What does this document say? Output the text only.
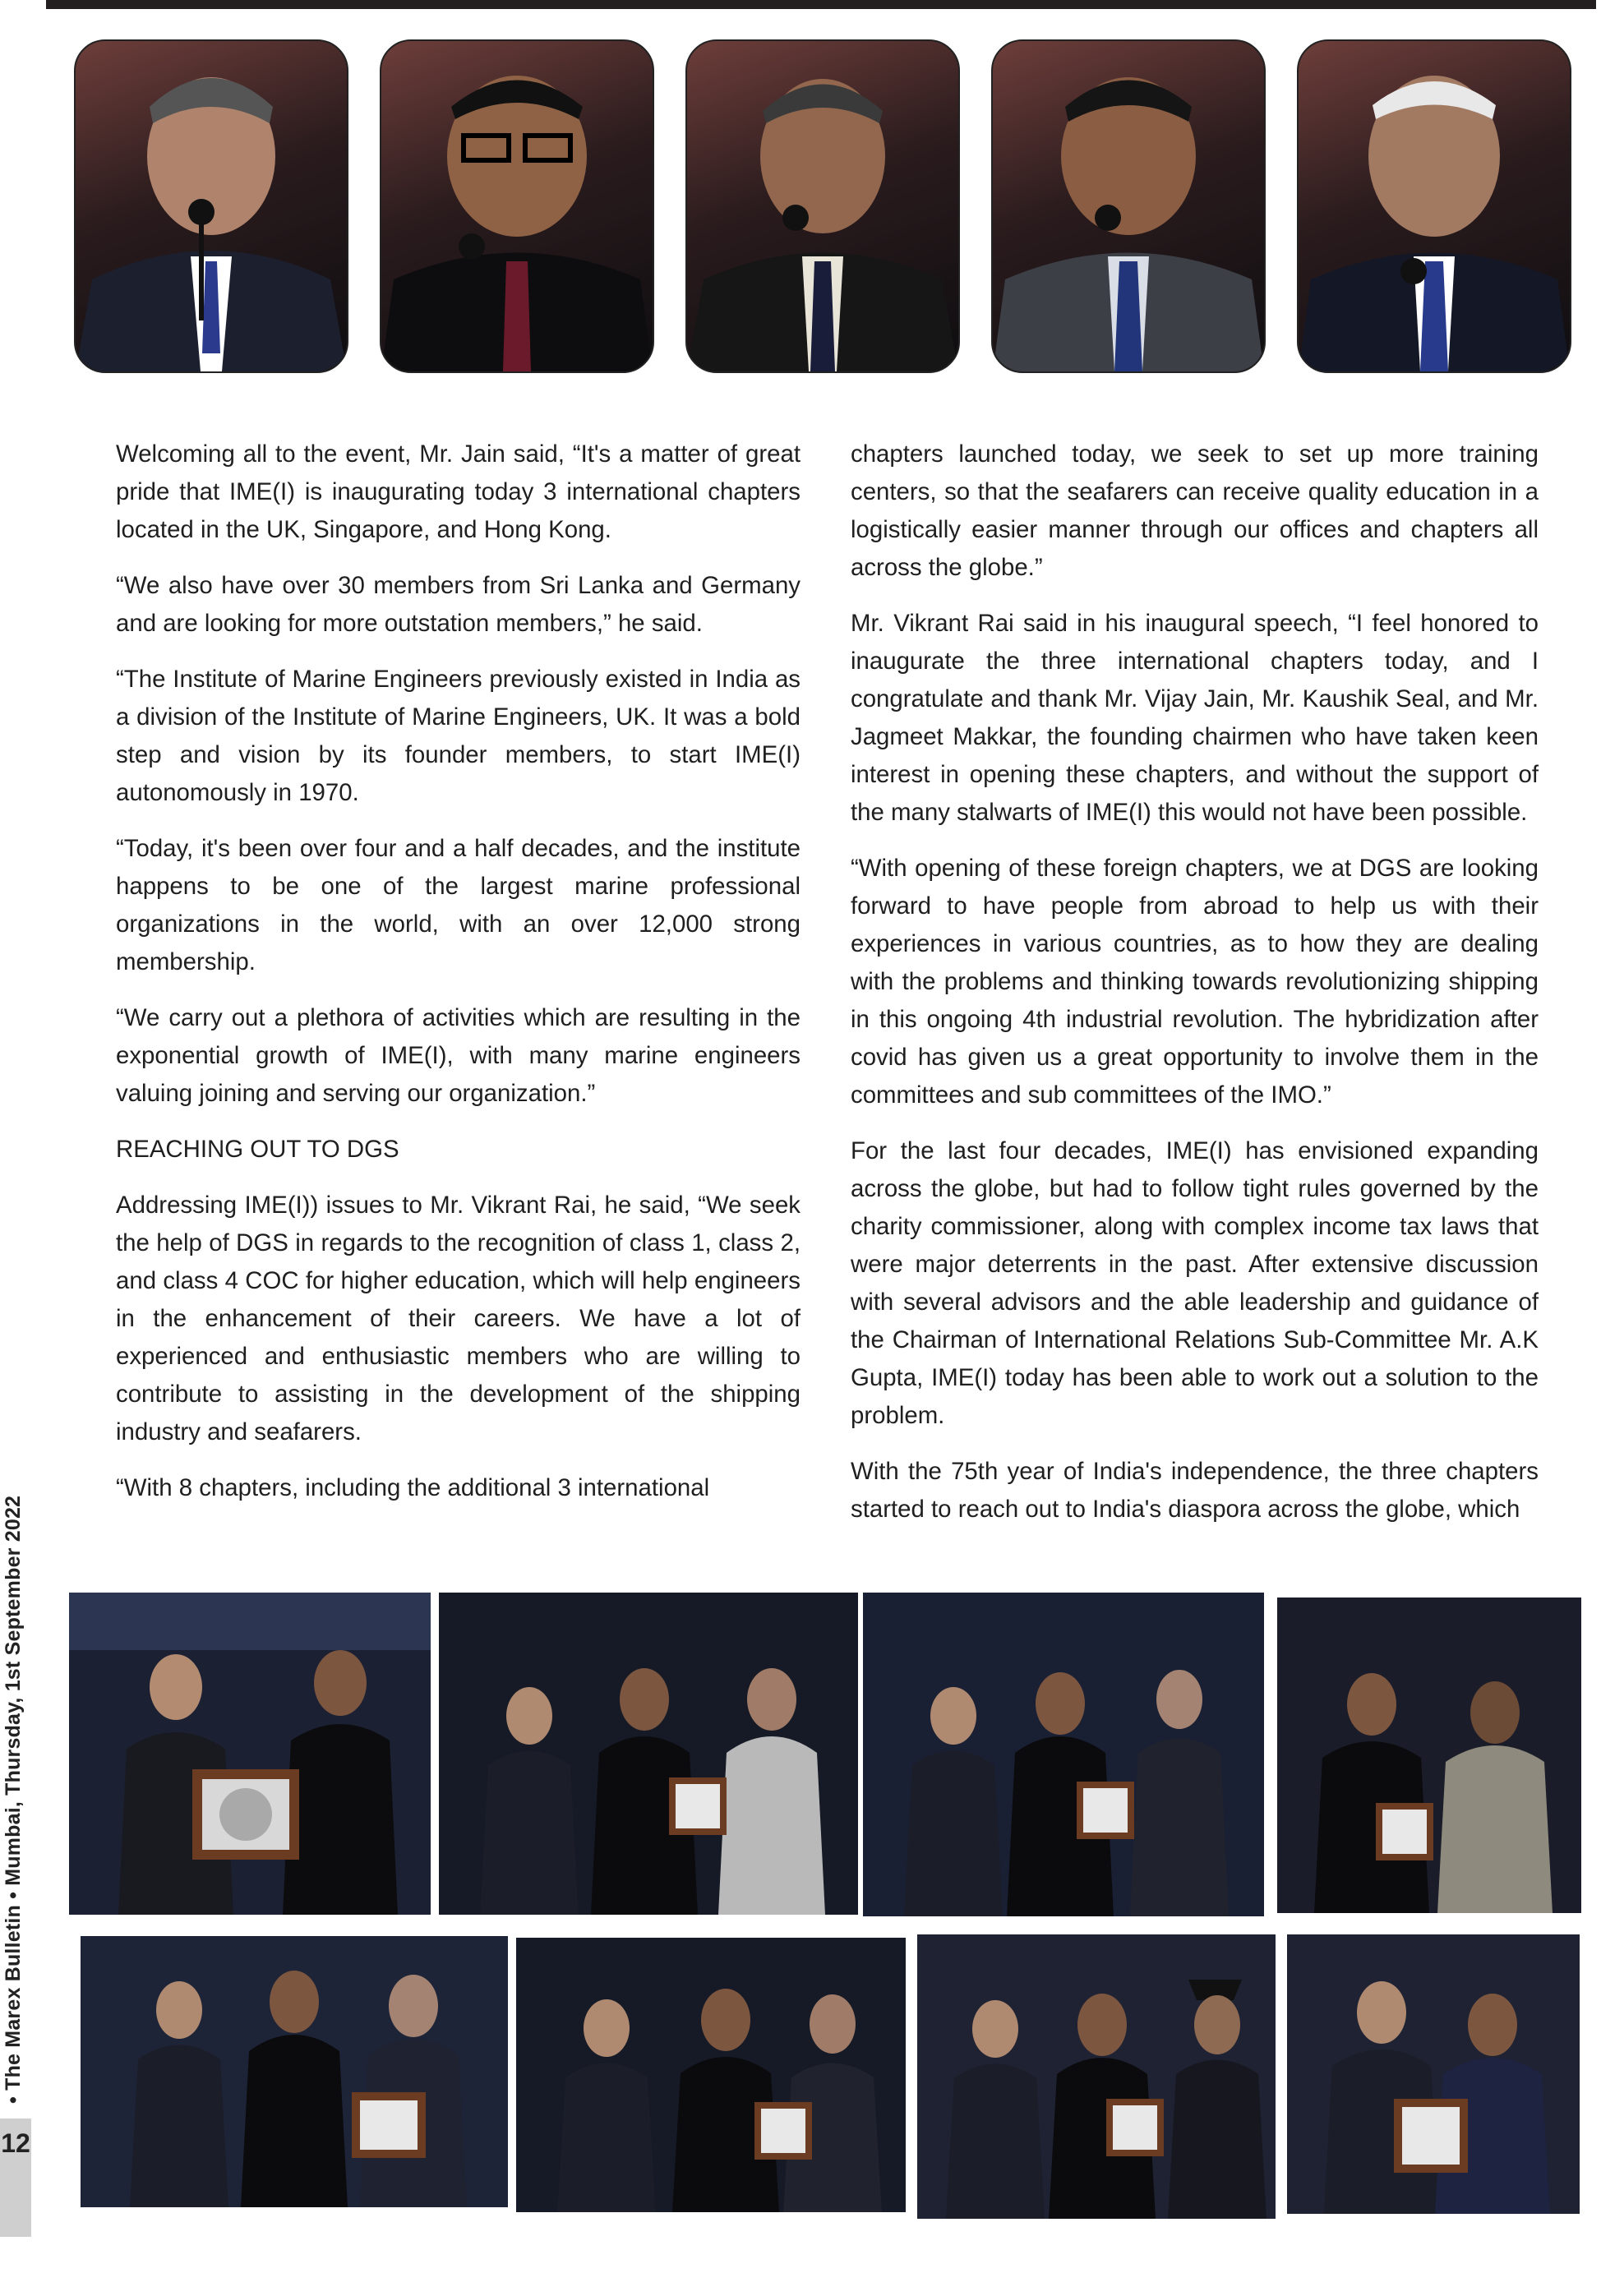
Welcoming all to the event, Mr. Jain said, “It's a matter of great pride that IME(I) is inaugurating today 3 international chapters located in the UK, Singapore, and Hong Kong.

“We also have over 30 members from Sri Lanka and Germany and are looking for more outstation members,” he said.

“The Institute of Marine Engineers previously existed in India as a division of the Institute of Marine Engineers, UK. It was a bold step and vision by its founder members, to start IME(I) autonomously in 1970.

“Today, it's been over four and a half decades, and the institute happens to be one of the largest marine professional organizations in the world, with an over 12,000 strong membership.

“We carry out a plethora of activities which are resulting in the exponential growth of IME(I), with many marine engineers valuing joining and serving our organization.”

REACHING OUT TO DGS

Addressing IME(I)) issues to Mr. Vikrant Rai, he said, “We seek the help of DGS in regards to the recognition of class 1, class 2, and class 4 COC for higher education, which will help engineers in the enhancement of their careers. We have a lot of experienced and enthusiastic members who are willing to contribute to assisting in the development of the shipping industry and seafarers.

“With 8 chapters, including the additional 3 international

chapters launched today, we seek to set up more training centers, so that the seafarers can receive quality education in a logistically easier manner through our offices and chapters all across the globe.”

Mr. Vikrant Rai said in his inaugural speech, “I feel honored to inaugurate the three international chapters today, and I congratulate and thank Mr. Vijay Jain, Mr. Kaushik Seal, and Mr. Jagmeet Makkar, the founding chairmen who have taken keen interest in opening these chapters, and without the support of the many stalwarts of IME(I) this would not have been possible.

“With opening of these foreign chapters, we at DGS are looking forward to have people from abroad to help us with their experiences in various countries, as to how they are dealing with the problems and thinking towards revolutionizing shipping in this ongoing 4th industrial revolution. The hybridization after covid has given us a great opportunity to involve them in the committees and sub committees of the IMO.”

For the last four decades, IME(I) has envisioned expanding across the globe, but had to follow tight rules governed by the charity commissioner, along with complex income tax laws that were major deterrents in the past. After extensive discussion with several advisors and the able leadership and guidance of the Chairman of International Relations Sub-Committee Mr. A.K Gupta, IME(I) today has been able to work out a solution to the problem.

With the 75th year of India's independence, the three chapters started to reach out to India's diaspora across the globe, which

• The Marex Bulletin • Mumbai, Thursday, 1st September 2022
12
